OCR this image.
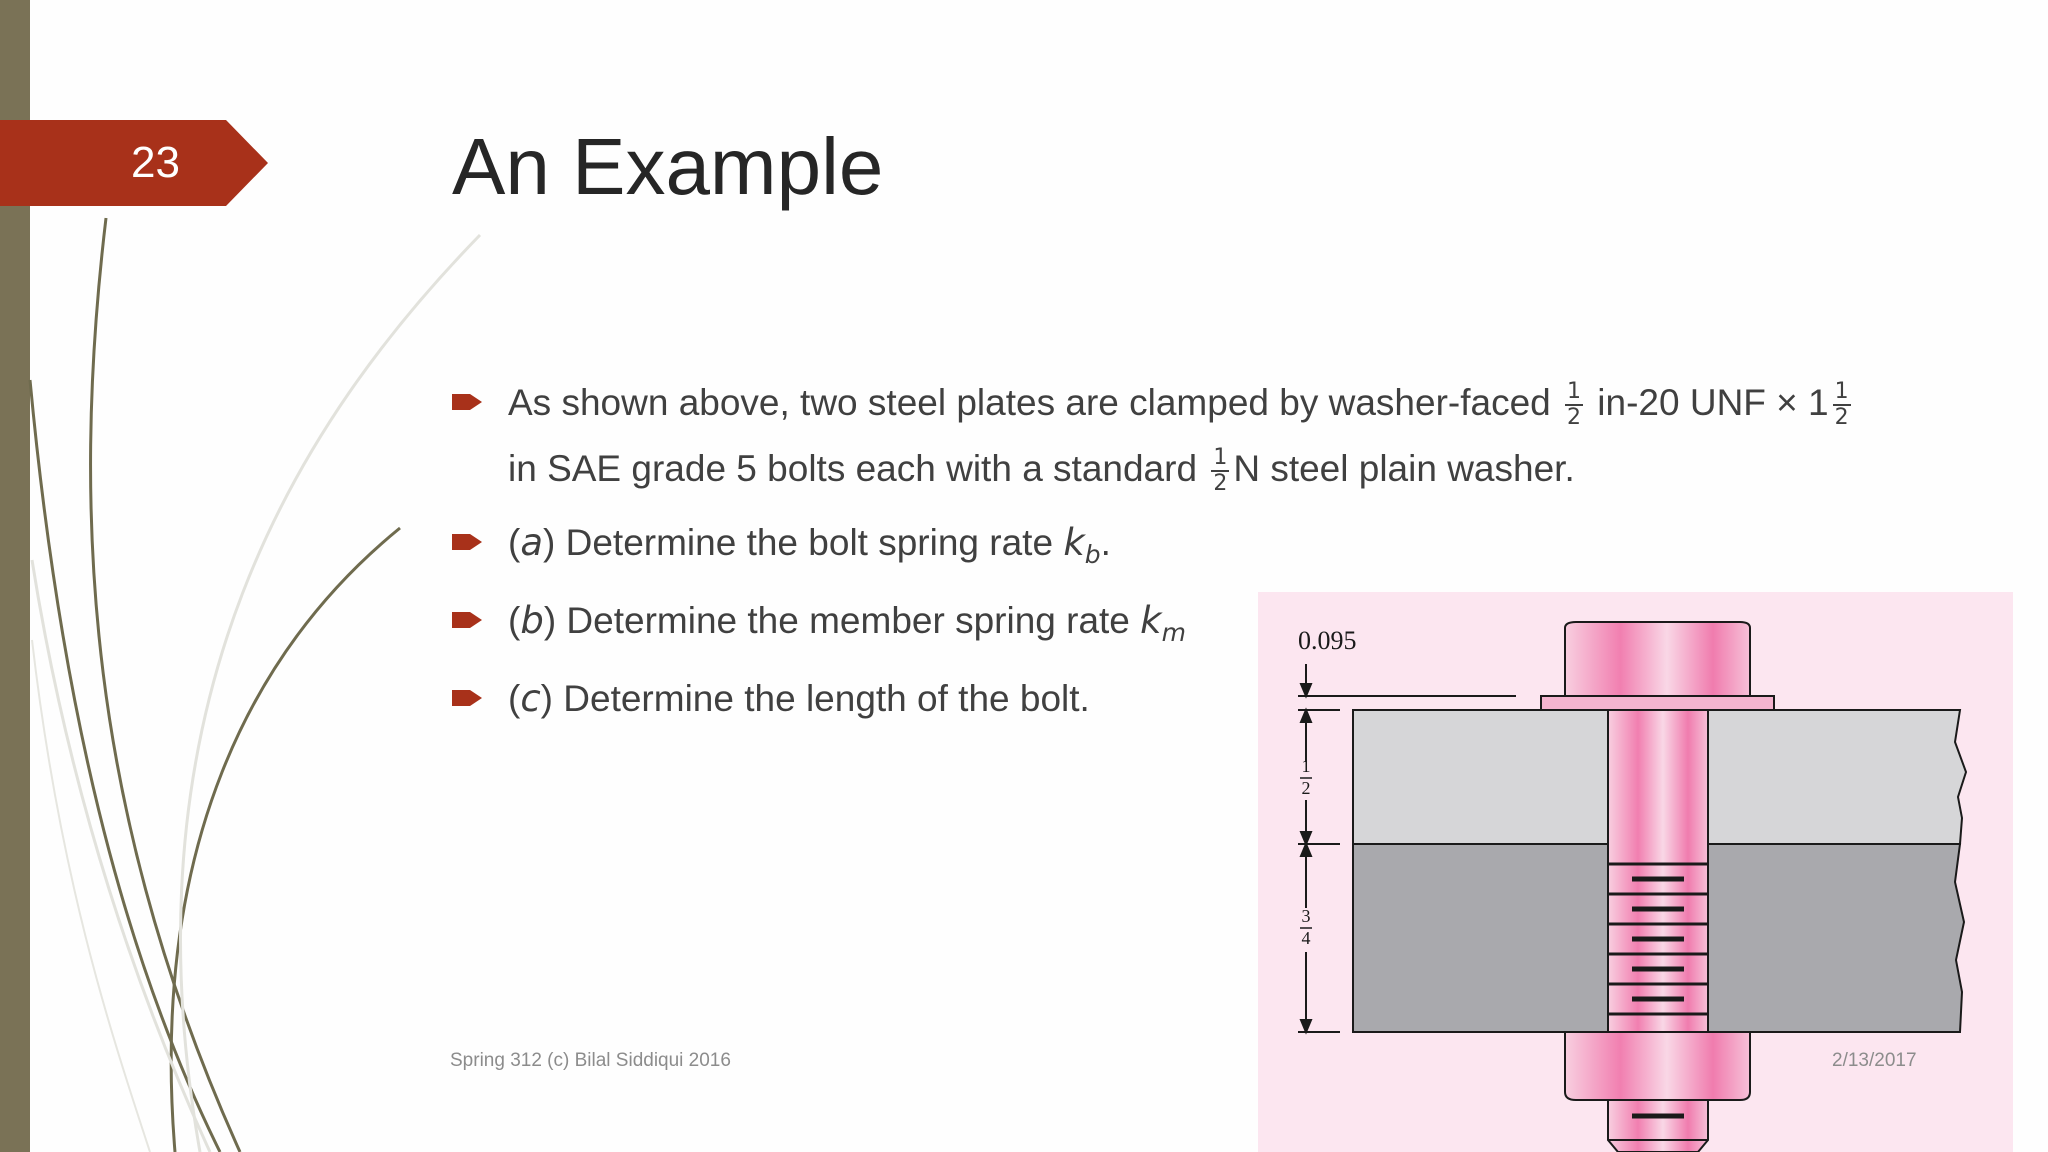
23	An Example
As shown above, two steel plates are clamped by washer-faced $\frac{1}{2} in-20$ UNF × $1 \frac{1}{2}$

in SAE grade 5 bolts each with a standard $\frac{1}{2}$ N steel plain washer.
(a) Determine the bolt spring rate $k_b$.
(b) Determine the member spring rate $k_m$
(c) Determine the length of the bolt.
0.095
1
2
3
4
Spring 312 (c) Bilal Siddiqui 2016	2/13/2017
